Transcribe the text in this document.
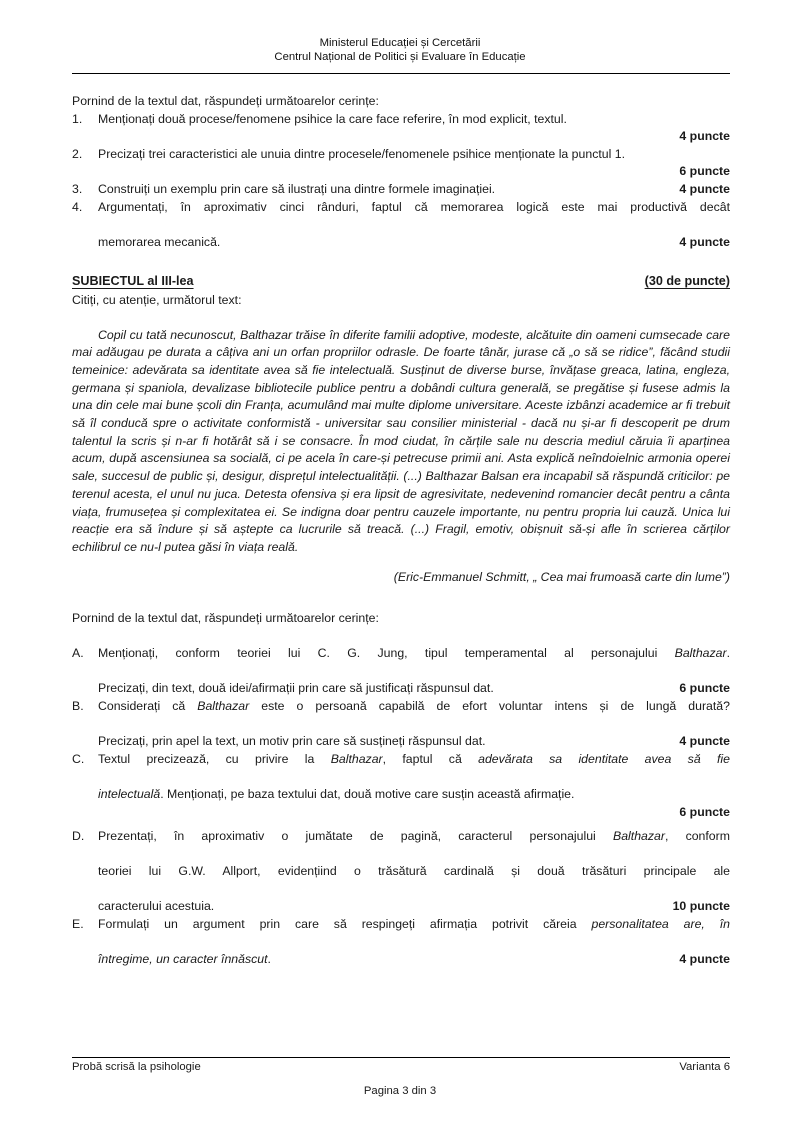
Ministerul Educației și Cercetării
Centrul Național de Politici și Evaluare în Educație

Pornind de la textul dat, răspundeți următoarelor cerințe:

1.	Menționați două procese/fenomene psihice la care face referire, în mod explicit, textul.
4 puncte
2.	Precizați trei caracteristici ale unuia dintre procesele/fenomenele psihice menționate la punctul 1.
6 puncte
3.	Construiți un exemplu prin care să ilustrați una dintre formele imaginației.	4 puncte
4.	Argumentați, în aproximativ cinci rânduri, faptul că memorarea logică este mai productivă decât
memorarea mecanică.	4 puncte
SUBIECTUL al III-lea	(30 de puncte)

Citiți, cu atenție, următorul text:

Copil cu tată necunoscut, Balthazar trăise în diferite familii adoptive, modeste, alcătuite din oameni cumsecade care mai adăugau pe durata a câțiva ani un orfan propriilor odrasle. De foarte tânăr, jurase că „o să se ridice”, făcând studii temeinice: adevărata sa identitate avea să fie intelectuală. Susținut de diverse burse, învățase greaca, latina, engleza, germana și spaniola, devalizase bibliotecile publice pentru a dobândi cultura generală, se pregătise și fusese admis la una din cele mai bune școli din Franța, acumulând mai multe diplome universitare. Aceste izbânzi academice ar fi trebuit să îl conducă spre o activitate conformistă - universitar sau consilier ministerial - dacă nu și-ar fi descoperit pe drum talentul la scris și n-ar fi hotărât să i se consacre. În mod ciudat, în cărțile sale nu descria mediul căruia îi aparținea acum, după ascensiunea sa socială, ci pe acela în care-și petrecuse primii ani. Asta explică neîndoielnic armonia operei sale, succesul de public și, desigur, disprețul intelectualității. (...) Balthazar Balsan era incapabil să răspundă criticilor: pe terenul acesta, el unul nu juca. Detesta ofensiva și era lipsit de agresivitate, nedevenind romancier decât pentru a cânta viața, frumusețea și complexitatea ei. Se indigna doar pentru cauzele importante, nu pentru propria lui cauză. Unica lui reacție era să îndure și să aștepte ca lucrurile să treacă. (...) Fragil, emotiv, obișnuit să-și afle în scrierea cărților echilibrul ce nu-l putea găsi în viața reală.

(Eric-Emmanuel Schmitt, „ Cea mai frumoasă carte din lume”)

Pornind de la textul dat, răspundeți următoarelor cerințe:

A.	Menționați, conform teoriei lui C. G. Jung, tipul temperamental al personajului Balthazar.
Precizați, din text, două idei/afirmații prin care să justificați răspunsul dat.	6 puncte
B.	Considerați că Balthazar este o persoană capabilă de efort voluntar intens și de lungă durată?
Precizați, prin apel la text, un motiv prin care să susțineți răspunsul dat.	4 puncte
C.	Textul precizează, cu privire la Balthazar, faptul că adevărata sa identitate avea să fie
intelectuală. Menționați, pe baza textului dat, două motive care susțin această afirmație.
6 puncte
D.	Prezentați, în aproximativ o jumătate de pagină, caracterul personajului Balthazar, conform
teoriei lui G.W. Allport, evidențiind o trăsătură cardinală și două trăsături principale ale
caracterului acestuia.	10 puncte
E.	Formulați un argument prin care să respingeți afirmația potrivit căreia personalitatea are, în
întregime, un caracter înnăscut.	4 puncte
Probă scrisă la psihologie	Varianta 6
Pagina 3 din 3
